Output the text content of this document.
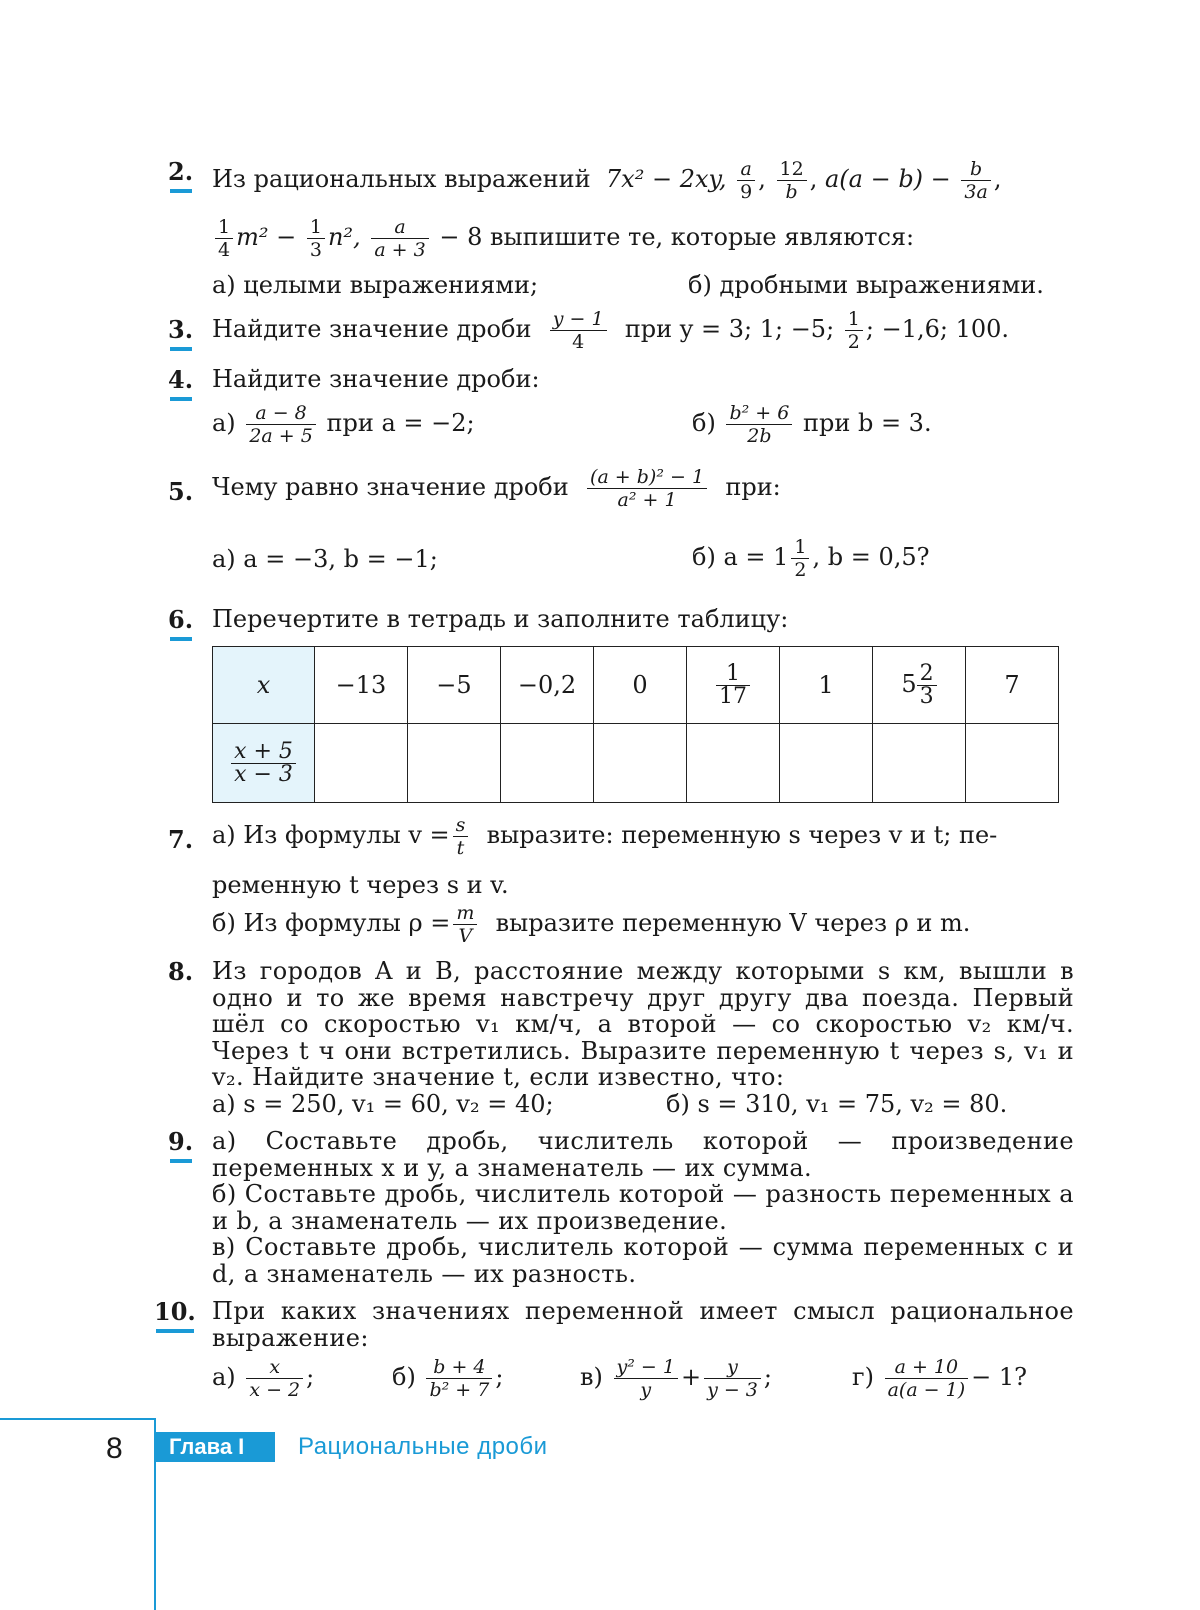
2. Из рациональных выражений 7x² − 2xy, $\frac{a}{9}$ , $\frac{12}{b}$ , $a(a - b) - \frac{b}{3a}$ ,
$\frac{1}{4} m^2 - \frac{1}{3} n^2$, $\frac{a}{a + 3} - 8$ выпишите те, которые являются:
а) целыми выражениями;	б) дробными выражениями.
3. Найдите значение дроби $\frac{y - 1}{4}$ при y = 3; 1; −5; $\frac{1}{2}$ ; −1,6; 100.
4. Найдите значение дроби:
$а) \frac{a - 8}{2a + 5}$ при a = −2;	$б) \frac{\text{b² + 6}}{2b}$ при b = 3.
5. Чему равно значение дроби $\frac{\text{(a + b)² − 1}}{\text{a² + 1}}$ при:
а) a = −3, b = −1;	б) $a = 1 \frac{1}{2}$ , b = 0,5?
6. Перечертите в тетрадь и заполните таблицу:
x	−13	−5	−0,2	0	$\frac{1}{17}$	1	$5 \frac{2}{3}$	7

$\frac{x + 5}{x - 3}$

7. а) Из формулы $v = \frac{s}{t}$ выразите: переменную s через v и t; пе-
ременную t через s и v.
б) Из формулы $\rho = \frac{m}{V}$ выразите переменную V через ρ и m.
8. Из городов A и B, расстояние между которыми s км, вышли в одно и то же время навстречу друг другу два поезда. Первый шёл со скоростью v₁ км/ч, а второй — со скоростью v₂ км/ч. Через t ч они встретились. Выразите переменную t через s, v₁ и v₂. Найдите значение t, если известно, что:
а) s = 250, v₁ = 60, v₂ = 40;	б) s = 310, v₁ = 75, v₂ = 80.
9. а) Составьте дробь, числитель которой — произведение переменных x и y, а знаменатель — их сумма.
б) Составьте дробь, числитель которой — разность переменных a и b, а знаменатель — их произведение.
в) Составьте дробь, числитель которой — сумма переменных c и d, а знаменатель — их разность.
10. При каких значениях переменной имеет смысл рациональное выражение:
$а) \frac{x}{x - 2}$ ;	$б) \frac{b + 4}{\text{b² + 7}}$ ;	$в) \frac{\text{y² − 1}}{y} + \frac{y}{y - 3}$ ;	$г) \frac{a + 10}{a(a - 1)} - 1$?
8	Глава I	Рациональные дроби
